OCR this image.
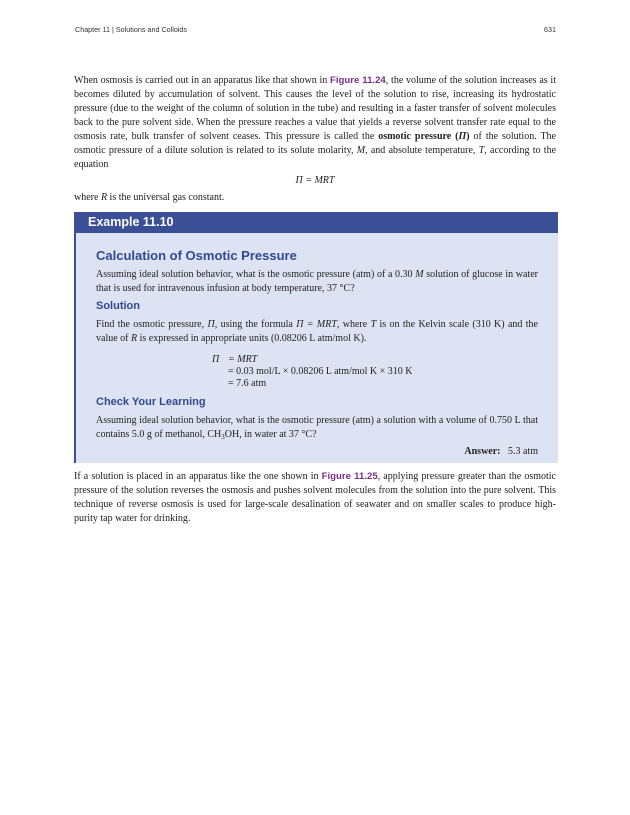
Chapter 11 | Solutions and Colloids	631
When osmosis is carried out in an apparatus like that shown in Figure 11.24, the volume of the solution increases as it becomes diluted by accumulation of solvent. This causes the level of the solution to rise, increasing its hydrostatic pressure (due to the weight of the column of solution in the tube) and resulting in a faster transfer of solvent molecules back to the pure solvent side. When the pressure reaches a value that yields a reverse solvent transfer rate equal to the osmosis rate, bulk transfer of solvent ceases. This pressure is called the osmotic pressure (Π) of the solution. The osmotic pressure of a dilute solution is related to its solute molarity, M, and absolute temperature, T, according to the equation
Π = MRT
where R is the universal gas constant.
Example 11.10
Calculation of Osmotic Pressure
Assuming ideal solution behavior, what is the osmotic pressure (atm) of a 0.30 M solution of glucose in water that is used for intravenous infusion at body temperature, 37 °C?
Solution
Find the osmotic pressure, Π, using the formula Π = MRT, where T is on the Kelvin scale (310 K) and the value of R is expressed in appropriate units (0.08206 L atm/mol K).
Π = MRT
= 0.03 mol/L × 0.08206 L atm/mol K × 310 K
= 7.6 atm
Check Your Learning
Assuming ideal solution behavior, what is the osmotic pressure (atm) a solution with a volume of 0.750 L that contains 5.0 g of methanol, $CH_3OH$, in water at 37 °C?
Answer: 5.3 atm
If a solution is placed in an apparatus like the one shown in Figure 11.25, applying pressure greater than the osmotic pressure of the solution reverses the osmosis and pushes solvent molecules from the solution into the pure solvent. This technique of reverse osmosis is used for large-scale desalination of seawater and on smaller scales to produce high-purity tap water for drinking.
